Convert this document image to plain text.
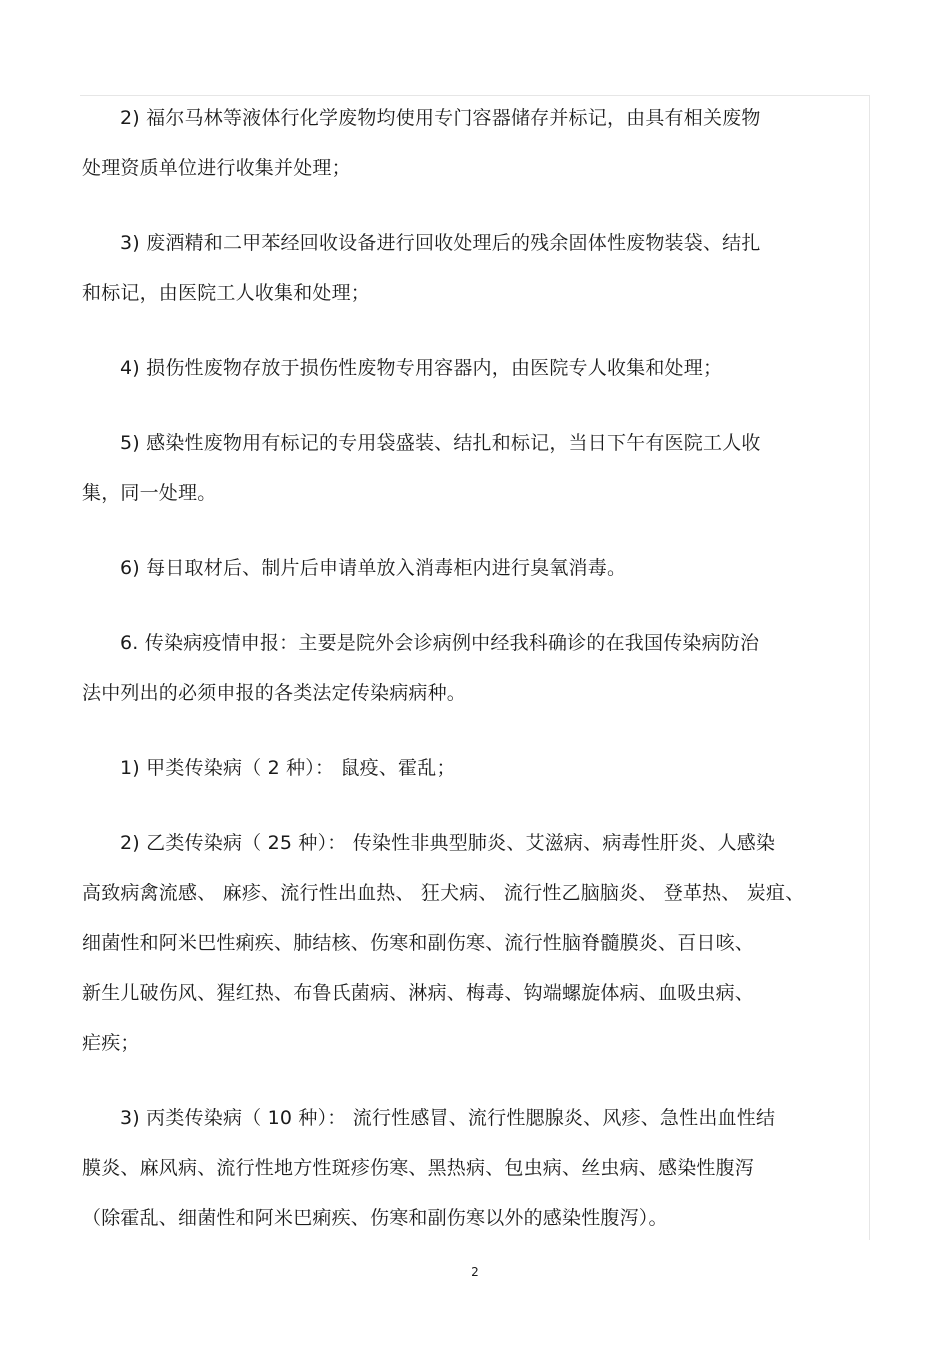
2) 福尔马林等液体行化学废物均使用专门容器储存并标记，由具有相关废物
处理资质单位进行收集并处理；
3) 废酒精和二甲苯经回收设备进行回收处理后的残余固体性废物装袋、结扎
和标记，由医院工人收集和处理；
4) 损伤性废物存放于损伤性废物专用容器内，由医院专人收集和处理；
5) 感染性废物用有标记的专用袋盛装、结扎和标记，当日下午有医院工人收
集，同一处理。
6) 每日取材后、制片后申请单放入消毒柜内进行臭氧消毒。
6. 传染病疫情申报：主要是院外会诊病例中经我科确诊的在我国传染病防治
法中列出的必须申报的各类法定传染病病种。
1) 甲类传染病（ 2 种）： 鼠疫、霍乱；
2) 乙类传染病（ 25 种）： 传染性非典型肺炎、艾滋病、病毒性肝炎、人感染
高致病禽流感、 麻疹、流行性出血热、 狂犬病、 流行性乙脑脑炎、 登革热、 炭疽、
细菌性和阿米巴性痢疾、肺结核、伤寒和副伤寒、流行性脑脊髓膜炎、百日咳、
新生儿破伤风、猩红热、布鲁氏菌病、淋病、梅毒、钩端螺旋体病、血吸虫病、
疟疾；
3) 丙类传染病（ 10 种）： 流行性感冒、流行性腮腺炎、风疹、急性出血性结
膜炎、麻风病、流行性地方性斑疹伤寒、黑热病、包虫病、丝虫病、感染性腹泻
（除霍乱、细菌性和阿米巴痢疾、伤寒和副伤寒以外的感染性腹泻）。
2
